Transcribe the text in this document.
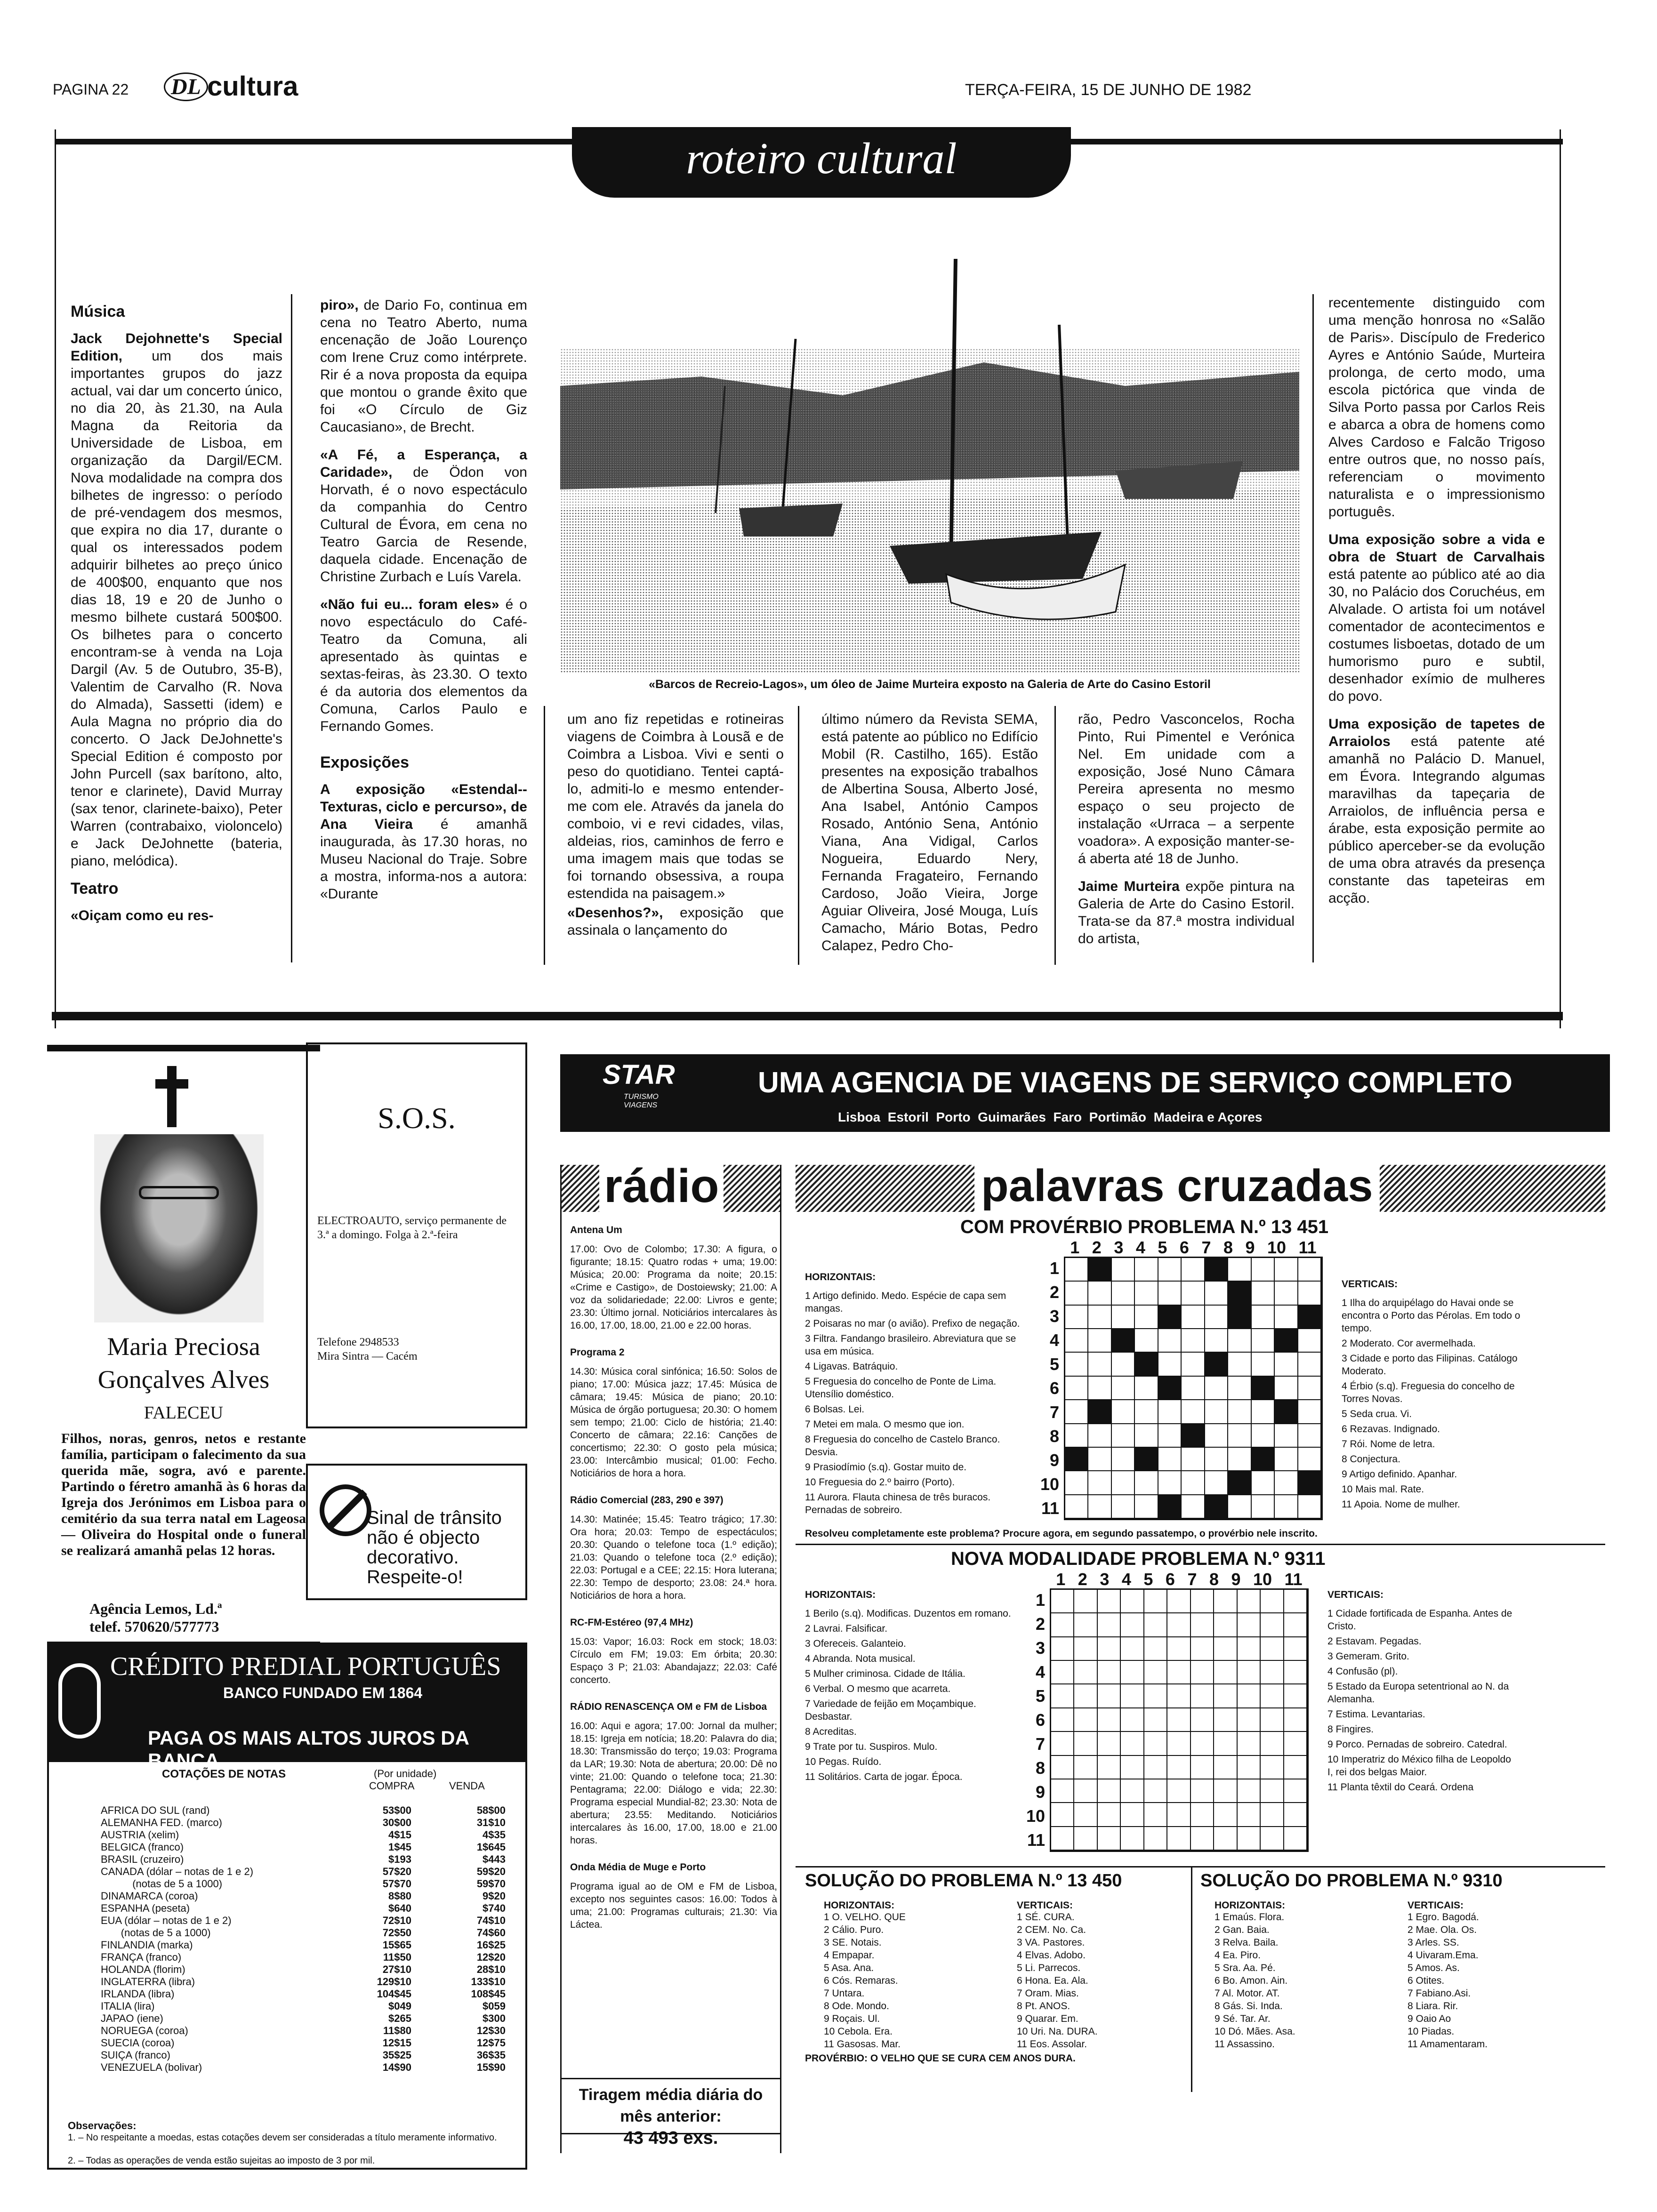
PAGINA 22	DL cultura	TERÇA-FEIRA, 15 DE JUNHO DE 1982
roteiro cultural
Música

Jack Dejohnette's Special Edition, um dos mais importantes grupos do jazz actual, vai dar um concerto único, no dia 20, às 21.30, na Aula Magna da Reitoria da Universidade de Lisboa, em organização da Dargil/ECM. Nova modalidade na compra dos bilhetes de ingresso: o período de pré-vendagem dos mesmos, que expira no dia 17, durante o qual os interessados podem adquirir bilhetes ao preço único de 400$00, enquanto que nos dias 18, 19 e 20 de Junho o mesmo bilhete custará 500$00. Os bilhetes para o concerto encontram-se à venda na Loja Dargil (Av. 5 de Outubro, 35-B), Valentim de Carvalho (R. Nova do Almada), Sassetti (idem) e Aula Magna no próprio dia do concerto. O Jack DeJohnette's Special Edition é composto por John Purcell (sax barítono, alto, tenor e clarinete), David Murray (sax tenor, clarinete-baixo), Peter Warren (contrabaixo, violoncelo) e Jack DeJohnette (bateria, piano, melódica).

Teatro

«Oiçam como eu res-

piro», de Dario Fo, continua em cena no Teatro Aberto, numa encenação de João Lourenço com Irene Cruz como intérprete. Rir é a nova proposta da equipa que montou o grande êxito que foi «O Círculo de Giz Caucasiano», de Brecht.

«A Fé, a Esperança, a Caridade», de Ödon von Horvath, é o novo espectáculo da companhia do Centro Cultural de Évora, em cena no Teatro Garcia de Resende, daquela cidade. Encenação de Christine Zurbach e Luís Varela.

«Não fui eu... foram eles» é o novo espectáculo do Café-Teatro da Comuna, ali apresentado às quintas e sextas-feiras, às 23.30. O texto é da autoria dos elementos da Comuna, Carlos Paulo e Fernando Gomes.

Exposições

A exposição «Estendal--Texturas, ciclo e percurso», de Ana Vieira é amanhã inaugurada, às 17.30 horas, no Museu Nacional do Traje. Sobre a mostra, informa-nos a autora: «Durante

«Barcos de Recreio-Lagos», um óleo de Jaime Murteira exposto na Galeria de Arte do Casino Estoril

recentemente distinguido com uma menção honrosa no «Salão de Paris». Discípulo de Frederico Ayres e António Saúde, Murteira prolonga, de certo modo, uma escola pictórica que vinda de Silva Porto passa por Carlos Reis e abarca a obra de homens como Alves Cardoso e Falcão Trigoso entre outros que, no nosso país, referenciam o movimento naturalista e o impressionismo português.

Uma exposição sobre a vida e obra de Stuart de Carvalhais está patente ao público até ao dia 30, no Palácio dos Coruchéus, em Alvalade. O artista foi um notável comentador de acontecimentos e costumes lisboetas, dotado de um humorismo puro e subtil, desenhador exímio de mulheres do povo.

Uma exposição de tapetes de Arraiolos está patente até amanhã no Palácio D. Manuel, em Évora. Integrando algumas maravilhas da tapeçaria de Arraiolos, de influência persa e árabe, esta exposição permite ao público aperceber-se da evolução de uma obra através da presença constante das tapeteiras em acção.

um ano fiz repetidas e rotineiras viagens de Coimbra à Lousã e de Coimbra a Lisboa. Vivi e senti o peso do quotidiano. Tentei captá-lo, admiti-lo e mesmo entender-me com ele. Através da janela do comboio, vi e revi cidades, vilas, aldeias, rios, caminhos de ferro e uma imagem mais que todas se foi tornando obsessiva, a roupa estendida na paisagem.»

«Desenhos?», exposição que assinala o lançamento do

último número da Revista SEMA, está patente ao público no Edifício Mobil (R. Castilho, 165). Estão presentes na exposição trabalhos de Albertina Sousa, Alberto José, Ana Isabel, António Campos Rosado, António Sena, António Viana, Ana Vidigal, Carlos Nogueira, Eduardo Nery, Fernanda Fragateiro, Fernando Cardoso, João Vieira, Jorge Aguiar Oliveira, José Mouga, Luís Camacho, Mário Botas, Pedro Calapez, Pedro Cho-

rão, Pedro Vasconcelos, Rocha Pinto, Rui Pimentel e Verónica Nel. Em unidade com a exposição, José Nuno Câmara Pereira apresenta no mesmo espaço o seu projecto de instalação «Urraca – a serpente voadora». A exposição manter-se-á aberta até 18 de Junho.

Jaime Murteira expõe pintura na Galeria de Arte do Casino Estoril. Trata-se da 87.ª mostra individual do artista,

Maria Preciosa
Gonçalves Alves
FALECEU
Filhos, noras, genros, netos e restante família, participam o falecimento da sua querida mãe, sogra, avó e parente. Partindo o féretro amanhã às 6 horas da Igreja dos Jerónimos em Lisboa para o cemitério da sua terra natal em Lageosa — Oliveira do Hospital onde o funeral se realizará amanhã pelas 12 horas.
Agência Lemos, Ld.ª
telef. 570620/577773
S.O.S.
ELECTROAUTO, serviço permanente de 3.ª a domingo. Folga à 2.ª-feira
Telefone 2948533
Mira Sintra — Cacém
Sinal de trânsito não é objecto decorativo. Respeite-o!
CRÉDITO PREDIAL PORTUGUÊS
BANCO FUNDADO EM 1864
PAGA OS MAIS ALTOS JUROS DA BANCA
COTAÇÕES DE NOTAS	(Por unidade)
COMPRA	VENDA
AFRICA DO SUL (rand)	53$00	58$00
ALEMANHA FED. (marco)	30$00	31$10
AUSTRIA (xelim)	4$15	4$35
BELGICA (franco)	1$45	1$645
BRASIL (cruzeiro)	$193	$443
CANADA (dólar – notas de 1 e 2)	57$20	59$20
(notas de 5 a 1000)	57$70	59$70
DINAMARCA (coroa)	8$80	9$20
ESPANHA (peseta)	$640	$740
EUA (dólar – notas de 1 e 2)	72$10	74$10
(notas de 5 a 1000)	72$50	74$60
FINLANDIA (marka)	15$65	16$25
FRANÇA (franco)	11$50	12$20
HOLANDA (florim)	27$10	28$10
INGLATERRA (libra)	129$10	133$10
IRLANDA (libra)	104$45	108$45
ITALIA (lira)	$049	$059
JAPAO (iene)	$265	$300
NORUEGA (coroa)	11$80	12$30
SUECIA (coroa)	12$15	12$75
SUIÇA (franco)	35$25	36$35
VENEZUELA (bolivar)	14$90	15$90
Observações:
1. – No respeitante a moedas, estas cotações devem ser consideradas a título meramente informativo.
2. – Todas as operações de venda estão sujeitas ao imposto de 3 por mil.
STAR
TURISMO VIAGENS
UMA AGENCIA DE VIAGENS DE SERVIÇO COMPLETO
Lisboa  Estoril  Porto  Guimarães  Faro  Portimão  Madeira e Açores
rádio
Antena Um
17.00: Ovo de Colombo; 17.30: A figura, o figurante; 18.15: Quatro rodas + uma; 19.00: Música; 20.00: Programa da noite; 20.15: «Crime e Castigo», de Dostoiewsky; 21.00: A voz da solidariedade; 22.00: Livros e gente; 23.30: Último jornal. Noticiários intercalares às 16.00, 17.00, 18.00, 21.00 e 22.00 horas.
Programa 2
14.30: Música coral sinfónica; 16.50: Solos de piano; 17.00: Música jazz; 17.45: Música de câmara; 19.45: Música de piano; 20.10: Música de órgão portuguesa; 20.30: O homem sem tempo; 21.00: Ciclo de história; 21.40: Concerto de câmara; 22.16: Canções de concertismo; 22.30: O gosto pela música; 23.00: Intercâmbio musical; 01.00: Fecho. Noticiários de hora a hora.
Rádio Comercial (283, 290 e 397)
14.30: Matinée; 15.45: Teatro trágico; 17.30: Ora hora; 20.03: Tempo de espectáculos; 20.30: Quando o telefone toca (1.º edição); 21.03: Quando o telefone toca (2.º edição); 22.03: Portugal e a CEE; 22.15: Hora luterana; 22.30: Tempo de desporto; 23.08: 24.ª hora. Noticiários de hora a hora.
RC-FM-Estéreo (97,4 MHz)
15.03: Vapor; 16.03: Rock em stock; 18.03: Círculo em FM; 19.03: Em órbita; 20.30: Espaço 3 P; 21.03: Abandajazz; 22.03: Café concerto.
RÁDIO RENASCENÇA OM e FM de Lisboa
16.00: Aqui e agora; 17.00: Jornal da mulher; 18.15: Igreja em notícia; 18.20: Palavra do dia; 18.30: Transmissão do terço; 19.03: Programa da LAR; 19.30: Nota de abertura; 20.00: Dê no vinte; 21.00: Quando o telefone toca; 21.30: Pentagrama; 22.00: Diálogo e vida; 22.30: Programa especial Mundial-82; 23.30: Nota de abertura; 23.55: Meditando. Noticiários intercalares às 16.00, 17.00, 18.00 e 21.00 horas.
Onda Média de Muge e Porto
Programa igual ao de OM e FM de Lisboa, excepto nos seguintes casos: 16.00: Todos à uma; 21.00: Programas culturais; 21.30: Via Láctea.
Tiragem média diária do mês anterior:
43 493 exs.
palavras cruzadas
COM PROVÉRBIO PROBLEMA N.º 13 451
1 2 3 4 5 6 7 8 9 10 11
1
2
3
4
5
6
7
8
9
10
11
HORIZONTAIS:
1 Artigo definido. Medo. Espécie de capa sem mangas.
2 Poisaras no mar (o avião). Prefixo de negação.
3 Filtra. Fandango brasileiro. Abreviatura que se usa em música.
4 Ligavas. Batráquio.
5 Freguesia do concelho de Ponte de Lima. Utensílio doméstico.
6 Bolsas. Lei.
7 Metei em mala. O mesmo que ion.
8 Freguesia do concelho de Castelo Branco. Desvia.
9 Prasiodímio (s.q). Gostar muito de.
10 Freguesia do 2.º bairro (Porto).
11 Aurora. Flauta chinesa de três buracos. Pernadas de sobreiro.
VERTICAIS:
1 Ilha do arquipélago do Havai onde se encontra o Porto das Pérolas. Em todo o tempo.
2 Moderato. Cor avermelhada.
3 Cidade e porto das Filipinas. Catálogo Moderato.
4 Érbio (s.q). Freguesia do concelho de Torres Novas.
5 Seda crua. Vi.
6 Rezavas. Indignado.
7 Rói. Nome de letra.
8 Conjectura.
9 Artigo definido. Apanhar.
10 Mais mal. Rate.
11 Apoia. Nome de mulher.
Resolveu completamente este problema? Procure agora, em segundo passatempo, o provérbio nele inscrito.
NOVA MODALIDADE PROBLEMA N.º 9311
1 2 3 4 5 6 7 8 9 10 11
1
2
3
4
5
6
7
8
9
10
11
HORIZONTAIS:
1 Berilo (s.q). Modificas. Duzentos em romano.
2 Lavrai. Falsificar.
3 Ofereceis. Galanteio.
4 Abranda. Nota musical.
5 Mulher criminosa. Cidade de Itália.
6 Verbal. O mesmo que acarreta.
7 Variedade de feijão em Moçambique. Desbastar.
8 Acreditas.
9 Trate por tu. Suspiros. Mulo.
10 Pegas. Ruído.
11 Solitários. Carta de jogar. Época.
VERTICAIS:
1 Cidade fortificada de Espanha. Antes de Cristo.
2 Estavam. Pegadas.
3 Gemeram. Grito.
4 Confusão (pl).
5 Estado da Europa setentrional ao N. da Alemanha.
7 Estima. Levantarias.
8 Fingires.
9 Porco. Pernadas de sobreiro. Catedral.
10 Imperatriz do México filha de Leopoldo I, rei dos belgas Maior.
11 Planta têxtil do Ceará. Ordena
SOLUÇÃO DO PROBLEMA N.º 13 450	SOLUÇÃO DO PROBLEMA N.º 9310
HORIZONTAIS:
1 O. VELHO. QUE
2 Cálio. Puro.
3 SE. Notais.
4 Empapar.
5 Asa. Ana.
6 Cós. Remaras.
7 Untara.
8 Ode. Mondo.
9 Roçais. Ul.
10 Cebola. Era.
11 Gasosas. Mar.
VERTICAIS:
1 SÉ. CURA.
2 CEM. No. Ca.
3 VA. Pastores.
4 Elvas. Adobo.
5 Li. Parrecos.
6 Hona. Ea. Ala.
7 Oram. Mias.
8 Pt. ANOS.
9 Quarar. Em.
10 Uri. Na. DURA.
11 Eos. Assolar.
HORIZONTAIS:
1 Emaús. Flora.
2 Gan. Baia.
3 Relva. Baila.
4 Ea. Piro.
5 Sra. Aa. Pé.
6 Bo. Amon. Ain.
7 Al. Motor. AT.
8 Gás. Si. Inda.
9 Sé. Tar. Ar.
10 Dó. Mães. Asa.
11 Assassino.
VERTICAIS:
1 Egro. Bagodá.
2 Mae. Ola. Os.
3 Arles. SS.
4 Uivaram.Ema.
5 Amos. As.
6 Otites.
7 Fabiano.Asi.
8 Liara. Rir.
9 Oaio Ao
10 Piadas.
11 Amamentaram.
PROVÉRBIO: O VELHO QUE SE CURA CEM ANOS DURA.
